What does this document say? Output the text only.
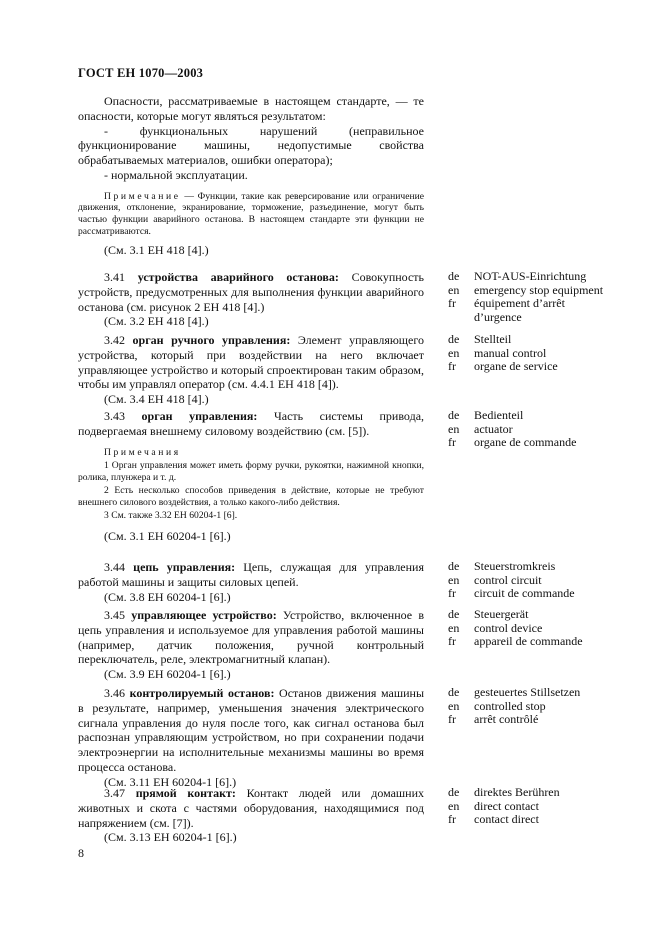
ГОСТ ЕН 1070—2003

Опасности, рассматриваемые в настоящем стандарте, — те опасности, которые могут являться результатом:

- функциональных нарушений (неправильное функционирование машины, недопустимые свойства обрабатываемых материалов, ошибки оператора);

- нормальной эксплуатации.

Примечание — Функции, такие как реверсирование или ограничение движения, отклонение, экранирование, торможение, разъединение, могут быть частью функции аварийного останова. В настоящем стандарте эти функции не рассматриваются.

(См. 3.1 ЕН 418 [4].)

3.41 устройства аварийного останова: Совокупность устройств, предусмотренных для выполнения функции аварийного останова (см. рисунок 2 ЕН 418 [4].)

(См. 3.2 ЕН 418 [4].)
de	NOT-AUS-Einrichtung
en	emergency stop equipment
fr	équipement d’arrêt
d’urgence

3.42 орган ручного управления: Элемент управляющего устройства, который при воздействии на него включает управляющее устройство и который спроектирован таким образом, чтобы им управлял оператор (см. 4.4.1 ЕН 418 [4]).

(См. 3.4 ЕН 418 [4].)
de	Stellteil
en	manual control
fr	organe de service

3.43 орган управления: Часть системы привода, подвергаемая внешнему силовому воздействию (см. [5]).

Примечания

1 Орган управления может иметь форму ручки, рукоятки, нажимной кнопки, ролика, плунжера и т. д.

2 Есть несколько способов приведения в действие, которые не требуют внешнего силового воздействия, а только какого-либо действия.

3 См. также 3.32 ЕН 60204-1 [6].

(См. 3.1 ЕН 60204-1 [6].)
de	Bedienteil
en	actuator
fr	organe de commande

3.44 цепь управления: Цепь, служащая для управления работой машины и защиты силовых цепей.

(См. 3.8 ЕН 60204-1 [6].)
de	Steuerstromkreis
en	control circuit
fr	circuit de commande

3.45 управляющее устройство: Устройство, включенное в цепь управления и используемое для управления работой машины (например, датчик положения, ручной контрольный переключатель, реле, электромагнитный клапан).

(См. 3.9 ЕН 60204-1 [6].)
de	Steuergerät
en	control device
fr	appareil de commande

3.46 контролируемый останов: Останов движения машины в результате, например, уменьшения значения электрического сигнала управления до нуля после того, как сигнал останова был распознан управляющим устройством, но при сохранении подачи электроэнергии на исполнительные механизмы машины во время процесса останова.

(См. 3.11 ЕН 60204-1 [6].)
de	gesteuertes Stillsetzen
en	controlled stop
fr	arrêt contrôlé

3.47 прямой контакт: Контакт людей или домашних животных и скота с частями оборудования, находящимися под напряжением (см. [7]).

(См. 3.13 ЕН 60204-1 [6].)
de	direktes Berühren
en	direct contact
fr	contact direct
8
